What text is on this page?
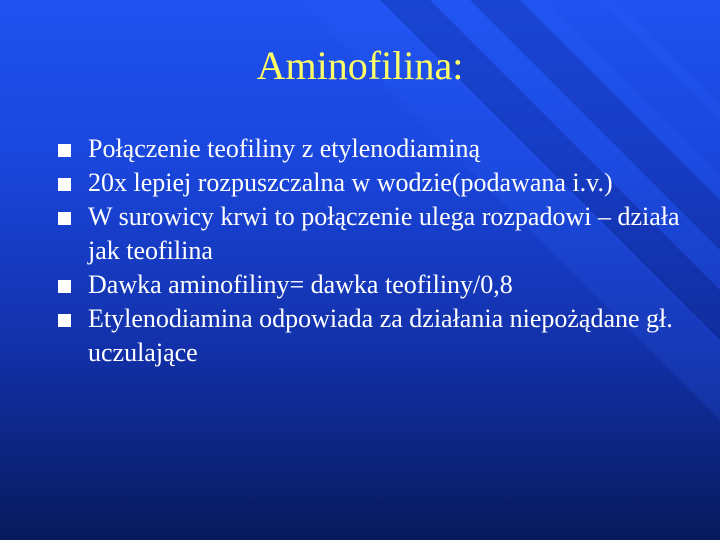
Aminofilina:
Połączenie teofiliny z etylenodiaminą
20x lepiej rozpuszczalna w wodzie(podawana i.v.)
W surowicy krwi to połączenie ulega rozpadowi – działa jak teofilina
Dawka aminofiliny= dawka teofiliny/0,8
Etylenodiamina odpowiada za działania niepożądane gł. uczulające
